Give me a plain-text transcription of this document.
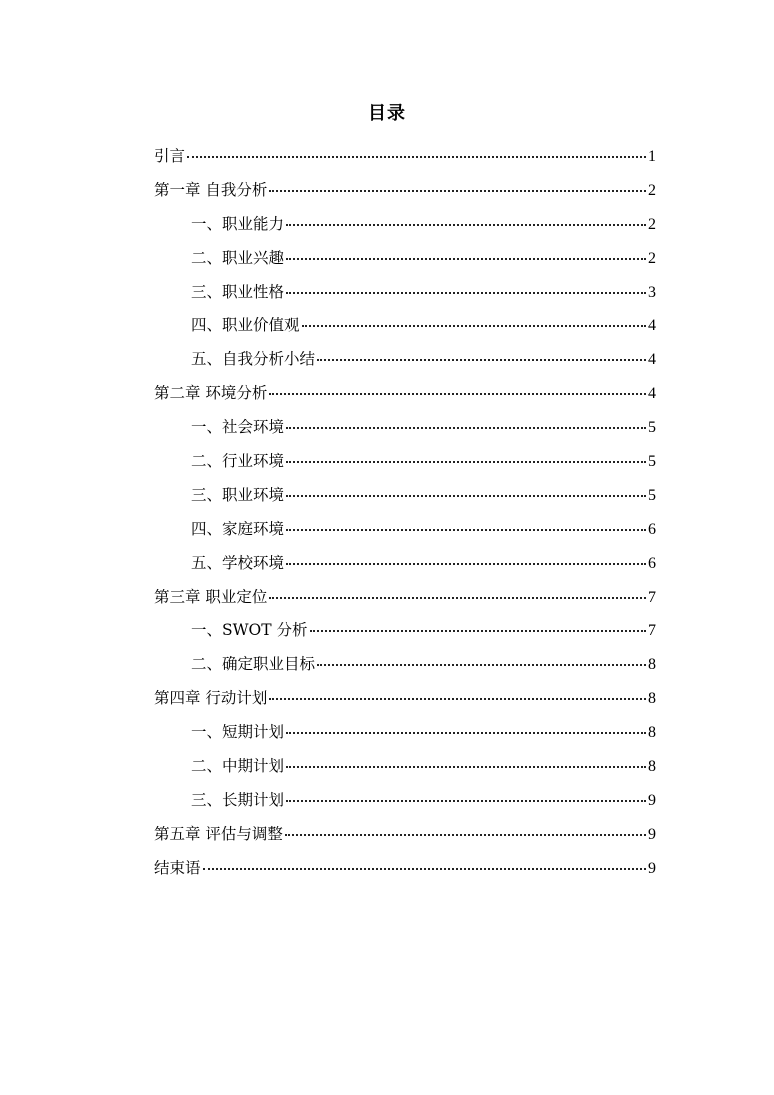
目录
引言	1
第一章 自我分析	2
一、职业能力	2
二、职业兴趣	2
三、职业性格	3
四、职业价值观	4
五、自我分析小结	4
第二章 环境分析	4
一、社会环境	5
二、行业环境	5
三、职业环境	5
四、家庭环境	6
五、学校环境	6
第三章 职业定位	7
一、SWOT 分析	7
二、确定职业目标	8
第四章 行动计划	8
一、短期计划	8
二、中期计划	8
三、长期计划	9
第五章 评估与调整	9
结束语	9
